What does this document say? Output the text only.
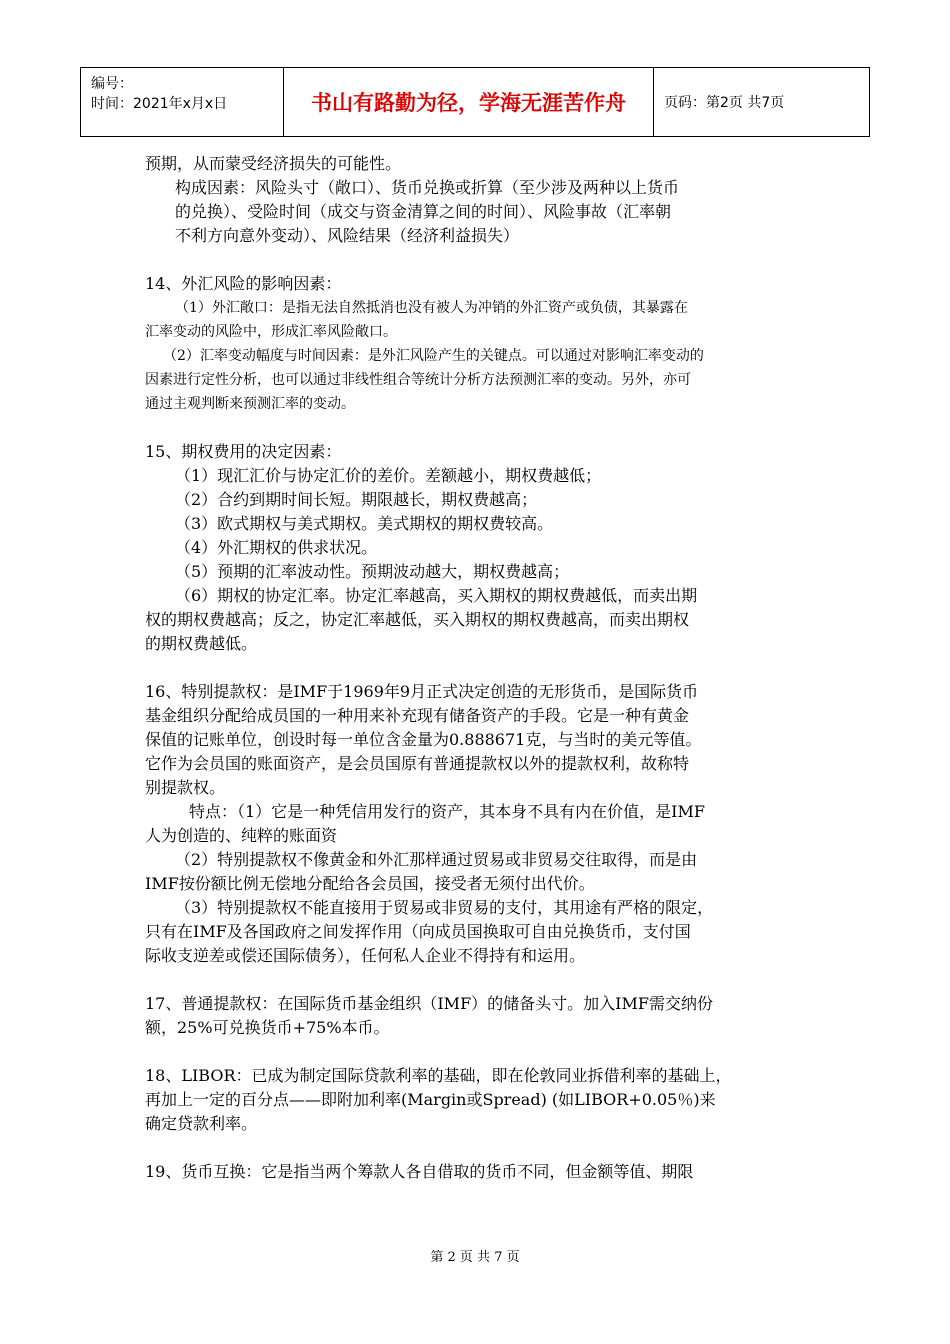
编号：
时间：2021年x月x日	书山有路勤为径，学海无涯苦作舟	页码：第2页 共7页

预期，从而蒙受经济损失的可能性。

构成因素：风险头寸（敞口）、货币兑换或折算（至少涉及两种以上货币

的兑换）、受险时间（成交与资金清算之间的时间）、风险事故（汇率朝

不利方向意外变动）、风险结果（经济利益损失）

14、外汇风险的影响因素：

（1）外汇敞口：是指无法自然抵消也没有被人为冲销的外汇资产或负债，其暴露在

汇率变动的风险中，形成汇率风险敞口。

（2）汇率变动幅度与时间因素：是外汇风险产生的关键点。可以通过对影响汇率变动的

因素进行定性分析，也可以通过非线性组合等统计分析方法预测汇率的变动。另外，亦可

通过主观判断来预测汇率的变动。

15、期权费用的决定因素：

（1）现汇汇价与协定汇价的差价。差额越小，期权费越低；

（2）合约到期时间长短。期限越长，期权费越高；

（3）欧式期权与美式期权。美式期权的期权费较高。

（4）外汇期权的供求状况。

（5）预期的汇率波动性。预期波动越大，期权费越高；

（6）期权的协定汇率。协定汇率越高，买入期权的期权费越低，而卖出期

权的期权费越高；反之，协定汇率越低，买入期权的期权费越高，而卖出期权

的期权费越低。

16、特别提款权：是IMF于1969年9月正式决定创造的无形货币，是国际货币

基金组织分配给成员国的一种用来补充现有储备资产的手段。它是一种有黄金

保值的记账单位，创设时每一单位含金量为0.888671克，与当时的美元等值。

它作为会员国的账面资产，是会员国原有普通提款权以外的提款权利，故称特

别提款权。

特点：（1）它是一种凭信用发行的资产，其本身不具有内在价值，是IMF

人为创造的、纯粹的账面资

（2）特别提款权不像黄金和外汇那样通过贸易或非贸易交往取得，而是由

IMF按份额比例无偿地分配给各会员国，接受者无须付出代价。

（3）特别提款权不能直接用于贸易或非贸易的支付，其用途有严格的限定，

只有在IMF及各国政府之间发挥作用（向成员国换取可自由兑换货币，支付国

际收支逆差或偿还国际债务），任何私人企业不得持有和运用。

17、普通提款权：在国际货币基金组织（IMF）的储备头寸。加入IMF需交纳份

额，25%可兑换货币+75%本币。

18、LIBOR：已成为制定国际贷款利率的基础，即在伦敦同业拆借利率的基础上，

再加上一定的百分点——即附加利率(Margin或Spread) (如LIBOR+0.05％)来

确定贷款利率。

19、货币互换：它是指当两个筹款人各自借取的货币不同，但金额等值、期限

第 2 页 共 7 页
